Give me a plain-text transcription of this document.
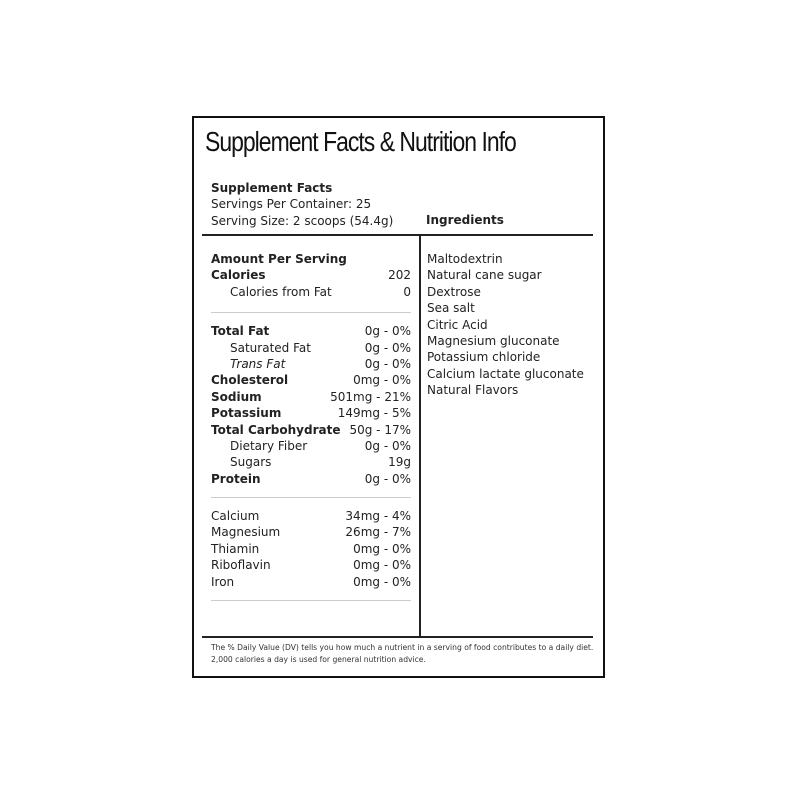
Supplement Facts & Nutrition Info
Supplement Facts
Servings Per Container: 25
Serving Size: 2 scoops (54.4g)	Ingredients
Amount Per Serving
Calories	202
Calories from Fat	0
Total Fat	0g - 0%
Saturated Fat	0g - 0%
Trans Fat	0g - 0%
Cholesterol	0mg - 0%
Sodium	501mg - 21%
Potassium	149mg - 5%
Total Carbohydrate 50g - 17%
Dietary Fiber	0g - 0%
Sugars	19g
Protein	0g - 0%
Calcium	34mg - 4%
Magnesium	26mg - 7%
Thiamin	0mg - 0%
Riboflavin	0mg - 0%
Iron	0mg - 0%
Maltodextrin
Natural cane sugar
Dextrose
Sea salt
Citric Acid
Magnesium gluconate
Potassium chloride
Calcium lactate gluconate
Natural Flavors
The % Daily Value (DV) tells you how much a nutrient in a serving of food contributes to a daily diet. 2,000 calories a day is used for general nutrition advice.
